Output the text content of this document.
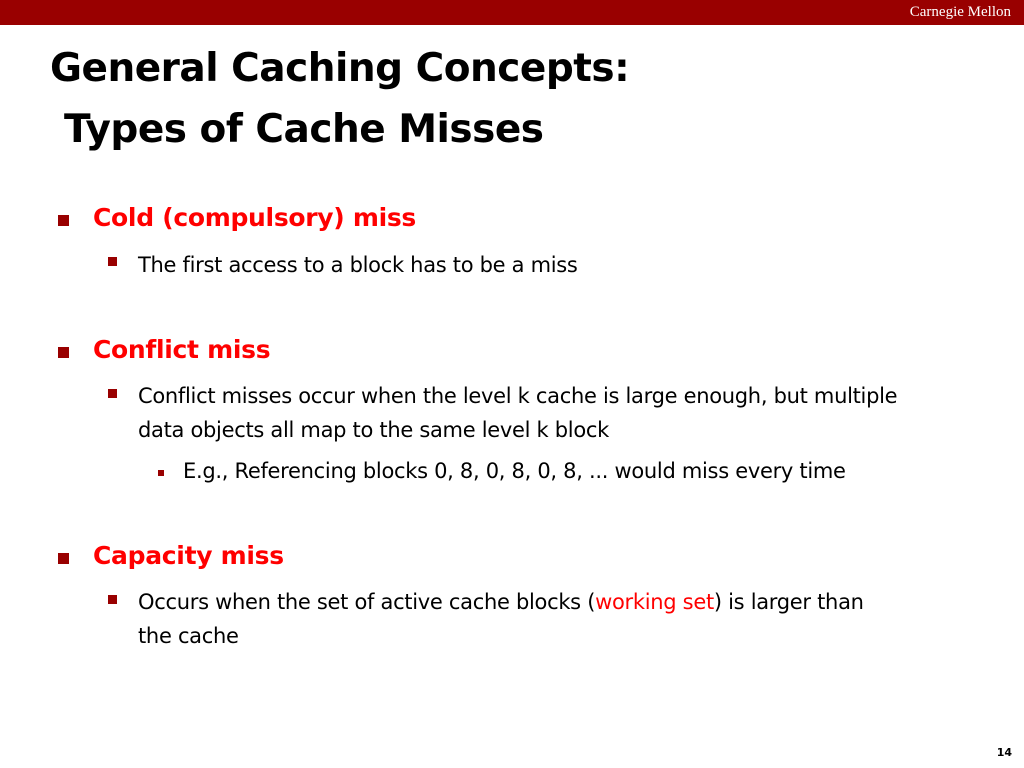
Carnegie Mellon
General Caching Concepts:
Types of Cache Misses
Cold (compulsory) miss
The first access to a block has to be a miss
Conflict miss
Conflict misses occur when the level k cache is large enough, but multiple
data objects all map to the same level k block
E.g., Referencing blocks 0, 8, 0, 8, 0, 8, ... would miss every time
Capacity miss
Occurs when the set of active cache blocks (working set) is larger than
the cache
14
